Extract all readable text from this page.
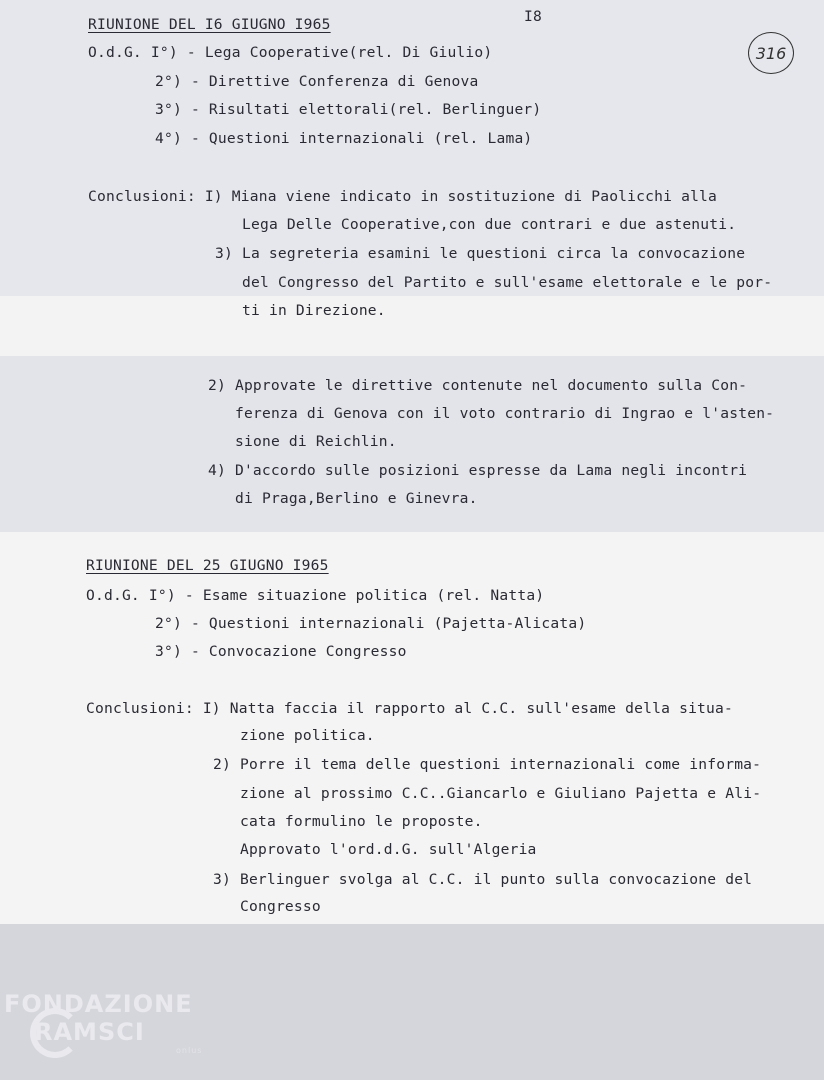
I8
316
RIUNIONE DEL I6 GIUGNO I965
O.d.G. I°) - Lega Cooperative(rel. Di Giulio)
2°) - Direttive Conferenza di Genova
3°) - Risultati elettorali(rel. Berlinguer)
4°) - Questioni internazionali (rel. Lama)
Conclusioni: I) Miana viene indicato in sostituzione di Paolicchi alla
Lega Delle Cooperative,con due contrari e due astenuti.
3) La segreteria esamini le questioni circa la convocazione
del Congresso del Partito e sull'esame elettorale e le por-
ti in Direzione.
2) Approvate le direttive contenute nel documento sulla Con-
ferenza di Genova con il voto contrario di Ingrao e l'asten-
sione di Reichlin.
4) D'accordo sulle posizioni espresse da Lama negli incontri
di Praga,Berlino e Ginevra.
RIUNIONE DEL 25 GIUGNO I965
O.d.G. I°) - Esame situazione politica (rel. Natta)
2°) - Questioni internazionali (Pajetta-Alicata)
3°) - Convocazione Congresso
Conclusioni: I) Natta faccia il rapporto al C.C. sull'esame della situa-
zione politica.
2) Porre il tema delle questioni internazionali come informa-
zione al prossimo C.C..Giancarlo e Giuliano Pajetta e Ali-
cata formulino le proposte.
Approvato l'ord.d.G. sull'Algeria
3) Berlinguer svolga al C.C. il punto sulla convocazione del
Congresso
FONDAZIONE
RAMSCI
onlus
